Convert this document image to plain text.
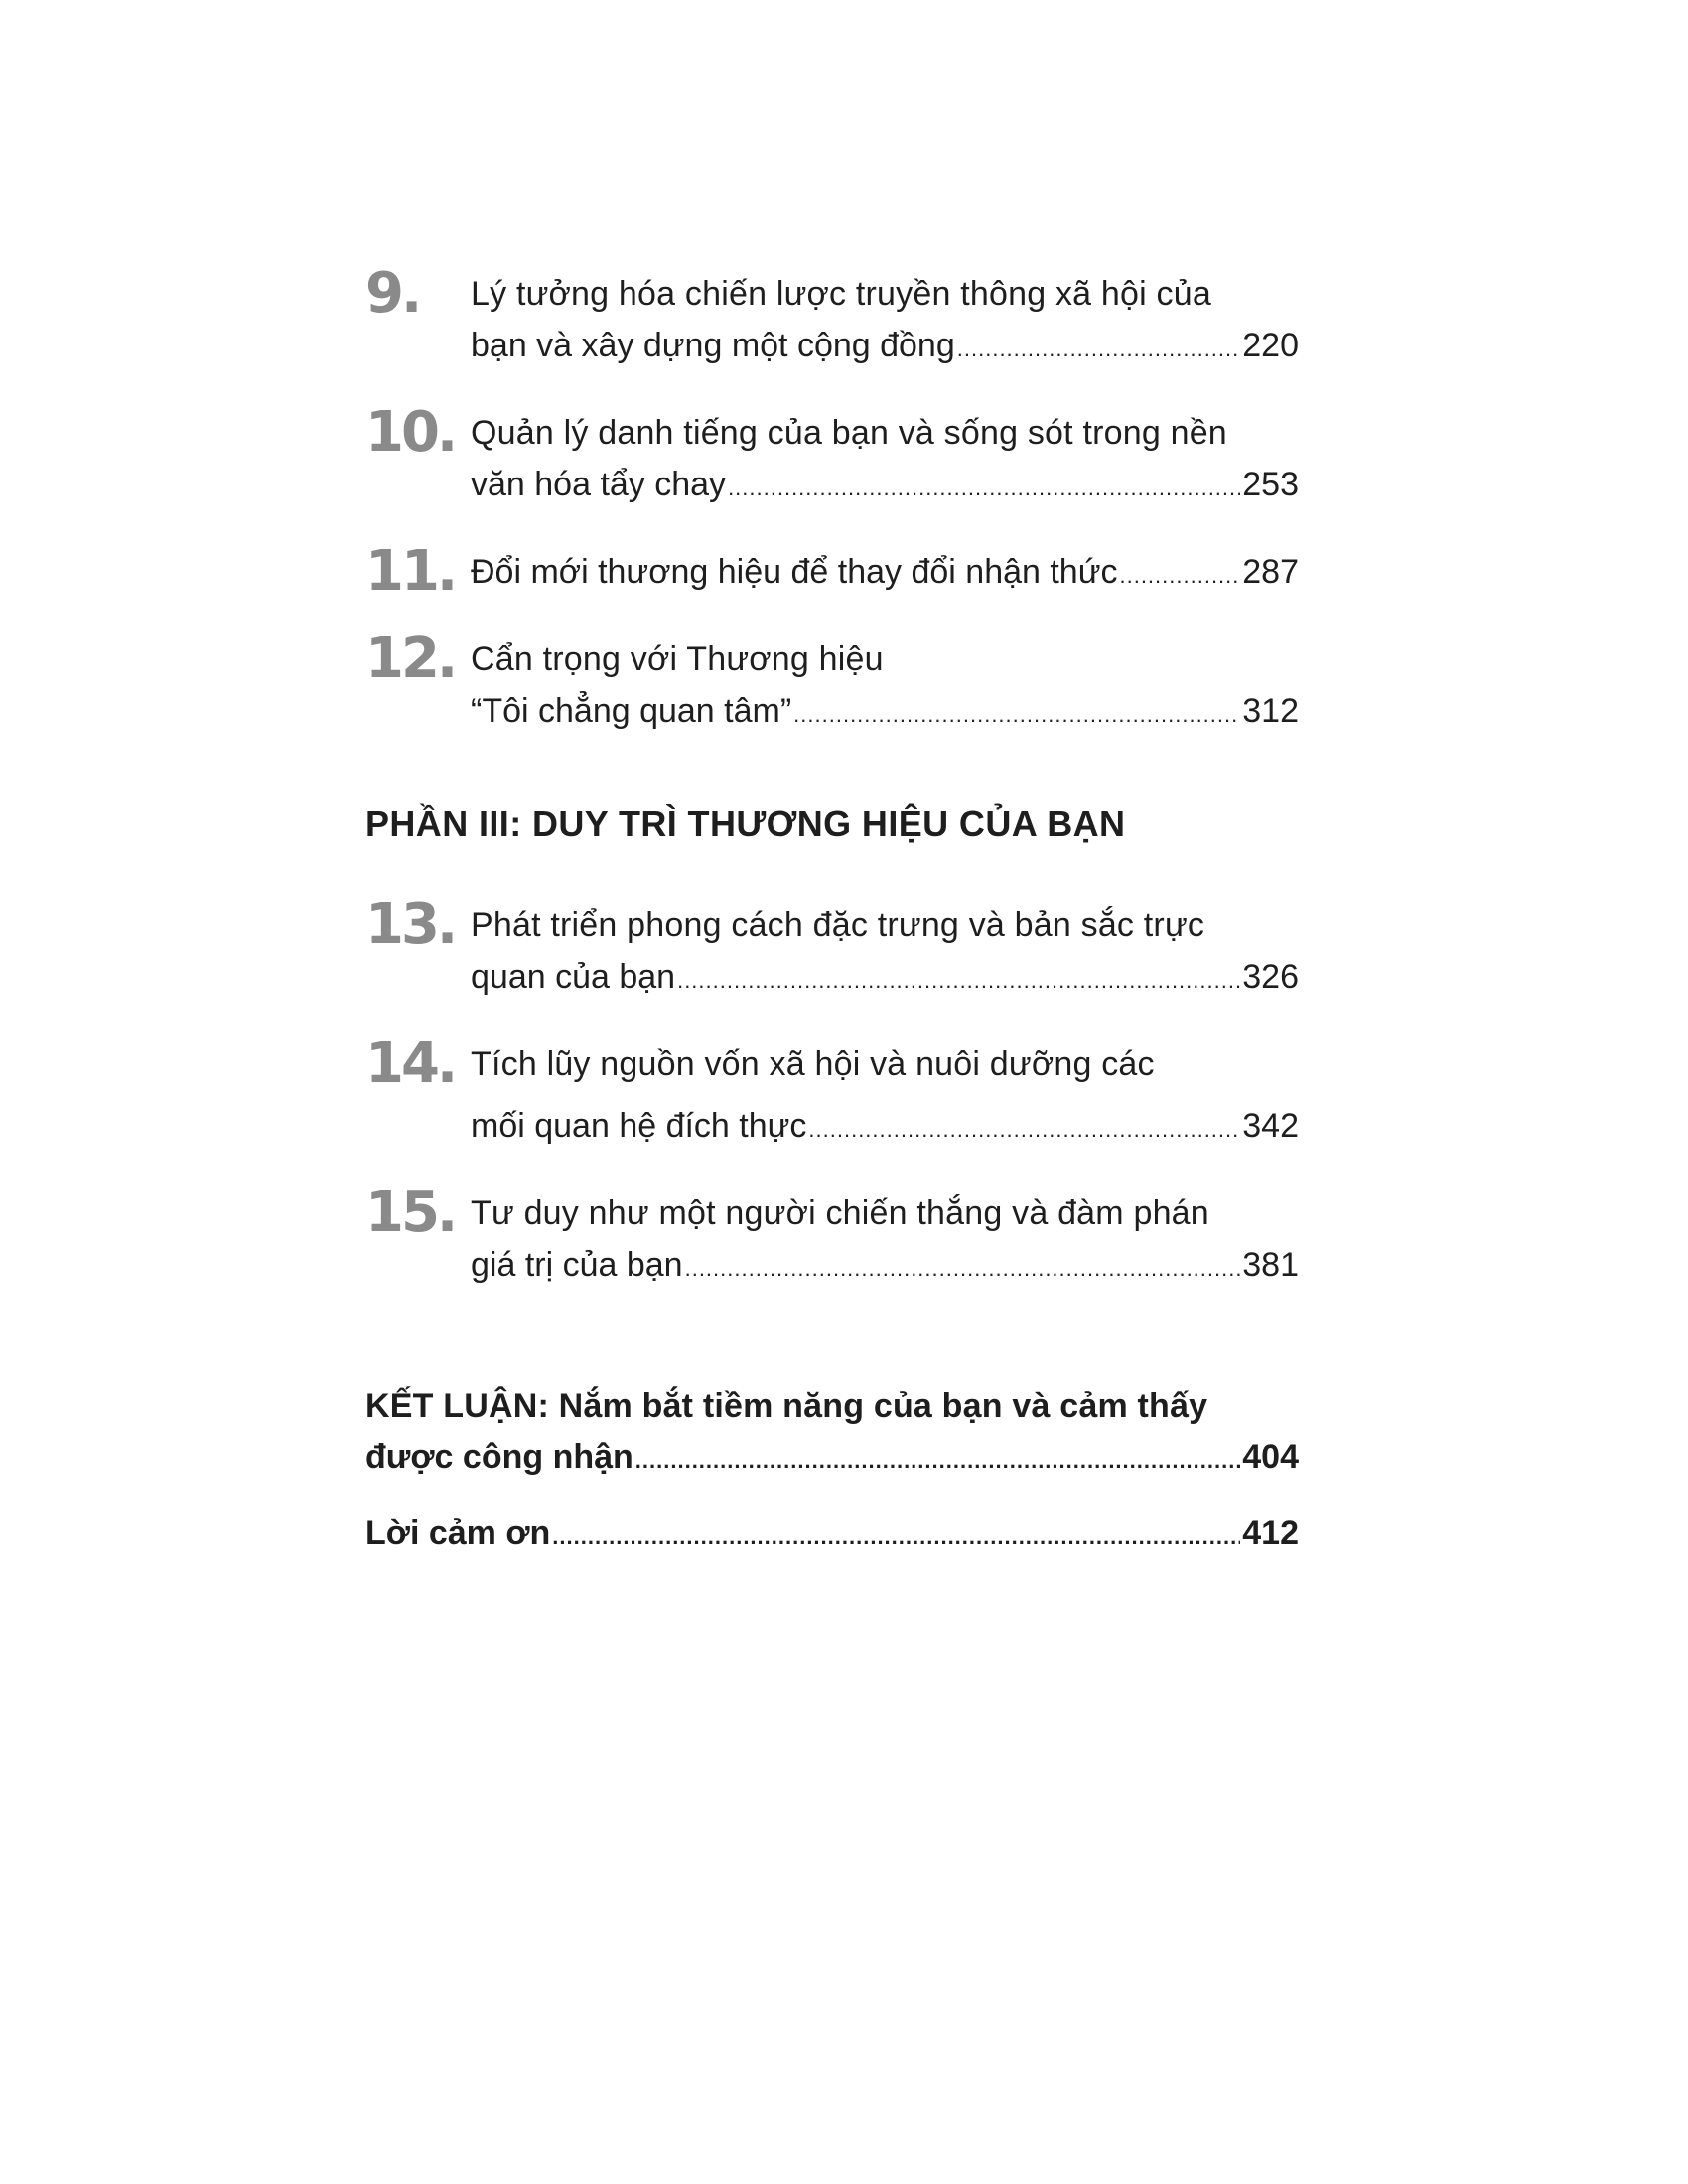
9. Lý tưởng hóa chiến lược truyền thông xã hội của
bạn và xây dựng một cộng đồng .....	220
10. Quản lý danh tiếng của bạn và sống sót trong nền
văn hóa tẩy chay .....	253
11. Đổi mới thương hiệu để thay đổi nhận thức .....	287
12. Cẩn trọng với Thương hiệu
“Tôi chẳng quan tâm” .....	312
PHẦN III: DUY TRÌ THƯƠNG HIỆU CỦA BẠN
13. Phát triển phong cách đặc trưng và bản sắc trực
quan của bạn .....	326
14. Tích lũy nguồn vốn xã hội và nuôi dưỡng các
mối quan hệ đích thực .....	342
15. Tư duy như một người chiến thắng và đàm phán
giá trị của bạn .....	381
KẾT LUẬN: Nắm bắt tiềm năng của bạn và cảm thấy
được công nhận .....	404
Lời cảm ơn .....	412
